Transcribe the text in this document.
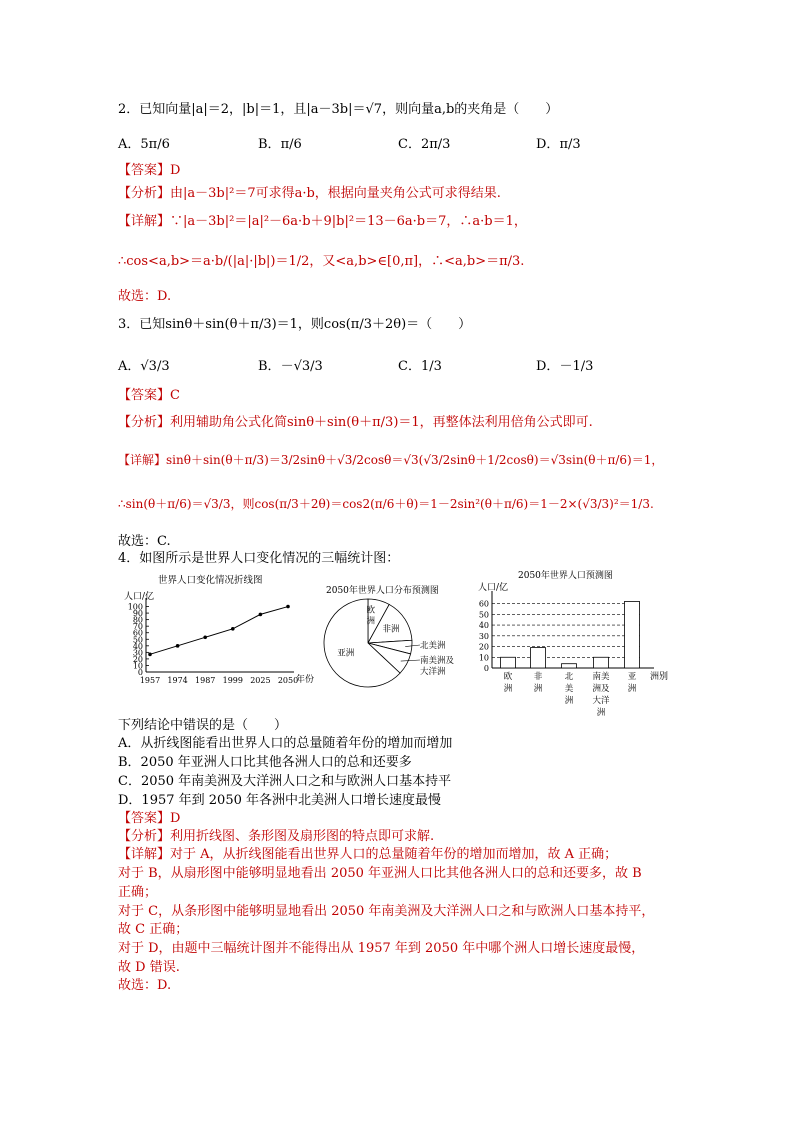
2．已知向量|a|＝2，|b|＝1，且|a－3b|＝√7，则向量a,b的夹角是（　　）
A．5π/6	B．π/6	C．2π/3	D．π/3
【答案】D
【分析】由|a－3b|²＝7可求得a·b，根据向量夹角公式可求得结果.
【详解】∵|a－3b|²＝|a|²－6a·b＋9|b|²＝13－6a·b＝7，∴a·b＝1，
∴cos<a,b>＝a·b/(|a|·|b|)＝1/2，又<a,b>∈[0,π]，∴<a,b>＝π/3.
故选：D.
3．已知sinθ＋sin(θ＋π/3)＝1，则cos(π/3＋2θ)＝（　　）
A．√3/3	B．－√3/3	C．1/3	D．－1/3
【答案】C
【分析】利用辅助角公式化简sinθ＋sin(θ＋π/3)＝1，再整体法利用倍角公式即可.
【详解】sinθ＋sin(θ＋π/3)＝3/2sinθ＋√3/2cosθ＝√3(√3/2sinθ＋1/2cosθ)＝√3sin(θ＋π/6)＝1，
∴sin(θ＋π/6)＝√3/3，则cos(π/3＋2θ)＝cos2(π/6＋θ)＝1－2sin²(θ＋π/6)＝1－2×(√3/3)²＝1/3.
故选：C.
4．如图所示是世界人口变化情况的三幅统计图：
世界人口变化情况折线图
人口/亿
0
10
20
30
40
50
60
70
80
90
100
1957 1974 1987 1999 2025 2050
年份
2050年世界人口分布预测图
欧
洲
非洲
北美洲
南美洲及
大洋洲
亚洲
2050年世界人口预测图
人口/亿
0
10
20
30
40
50
60
欧
洲
非
洲
北
美
洲
南美
洲及
大洋
洲
亚
洲
洲别
下列结论中错误的是（　　）
A．从折线图能看出世界人口的总量随着年份的增加而增加
B．2050 年亚洲人口比其他各洲人口的总和还要多
C．2050 年南美洲及大洋洲人口之和与欧洲人口基本持平
D．1957 年到 2050 年各洲中北美洲人口增长速度最慢
【答案】D
【分析】利用折线图、条形图及扇形图的特点即可求解.
【详解】对于 A，从折线图能看出世界人口的总量随着年份的增加而增加，故 A 正确；
对于 B，从扇形图中能够明显地看出 2050 年亚洲人口比其他各洲人口的总和还要多，故 B
正确；
对于 C，从条形图中能够明显地看出 2050 年南美洲及大洋洲人口之和与欧洲人口基本持平，
故 C 正确；
对于 D，由题中三幅统计图并不能得出从 1957 年到 2050 年中哪个洲人口增长速度最慢，
故 D 错误.
故选：D.
